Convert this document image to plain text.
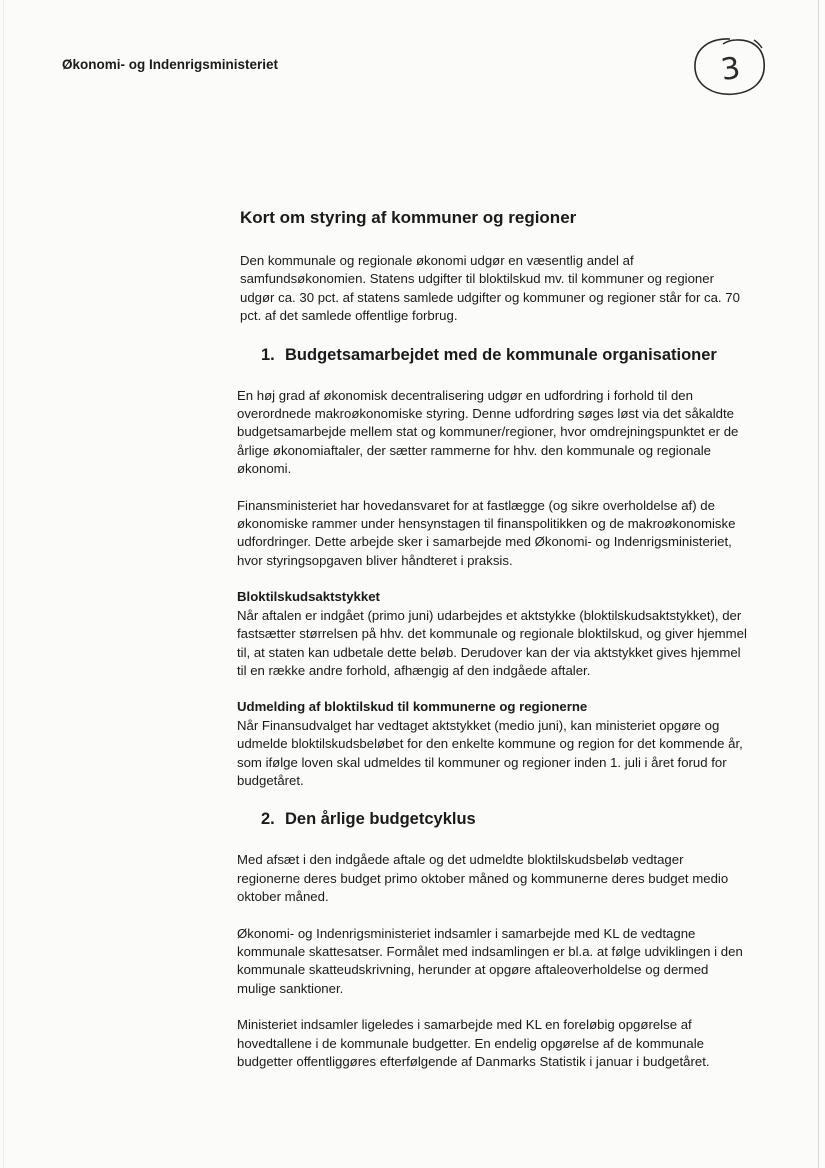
Økonomi- og Indenrigsministeriet	3
Kort om styring af kommuner og regioner

Den kommunale og regionale økonomi udgør en væsentlig andel af samfundsøkonomien. Statens udgifter til bloktilskud mv. til kommuner og regioner udgør ca. 30 pct. af statens samlede udgifter og kommuner og regioner står for ca. 70 pct. af det samlede offentlige forbrug.

1. Budgetsamarbejdet med de kommunale organisationer

En høj grad af økonomisk decentralisering udgør en udfordring i forhold til den overordnede makroøkonomiske styring. Denne udfordring søges løst via det såkaldte budgetsamarbejde mellem stat og kommuner/regioner, hvor omdrejningspunktet er de årlige økonomiaftaler, der sætter rammerne for hhv. den kommunale og regionale økonomi.

Finansministeriet har hovedansvaret for at fastlægge (og sikre overholdelse af) de økonomiske rammer under hensynstagen til finanspolitikken og de makroøkonomiske udfordringer. Dette arbejde sker i samarbejde med Økonomi- og Indenrigsministeriet, hvor styringsopgaven bliver håndteret i praksis.

Bloktilskudsaktstykket

Når aftalen er indgået (primo juni) udarbejdes et aktstykke (bloktilskudsaktstykket), der fastsætter størrelsen på hhv. det kommunale og regionale bloktilskud, og giver hjemmel til, at staten kan udbetale dette beløb. Derudover kan der via aktstykket gives hjemmel til en række andre forhold, afhængig af den indgåede aftaler.

Udmelding af bloktilskud til kommunerne og regionerne

Når Finansudvalget har vedtaget aktstykket (medio juni), kan ministeriet opgøre og udmelde bloktilskudsbeløbet for den enkelte kommune og region for det kommende år, som ifølge loven skal udmeldes til kommuner og regioner inden 1. juli i året forud for budgetåret.

2. Den årlige budgetcyklus

Med afsæt i den indgåede aftale og det udmeldte bloktilskudsbeløb vedtager regionerne deres budget primo oktober måned og kommunerne deres budget medio oktober måned.

Økonomi- og Indenrigsministeriet indsamler i samarbejde med KL de vedtagne kommunale skattesatser. Formålet med indsamlingen er bl.a. at følge udviklingen i den kommunale skatteudskrivning, herunder at opgøre aftaleoverholdelse og dermed mulige sanktioner.

Ministeriet indsamler ligeledes i samarbejde med KL en foreløbig opgørelse af hovedtallene i de kommunale budgetter. En endelig opgørelse af de kommunale budgetter offentliggøres efterfølgende af Danmarks Statistik i januar i budgetåret.
